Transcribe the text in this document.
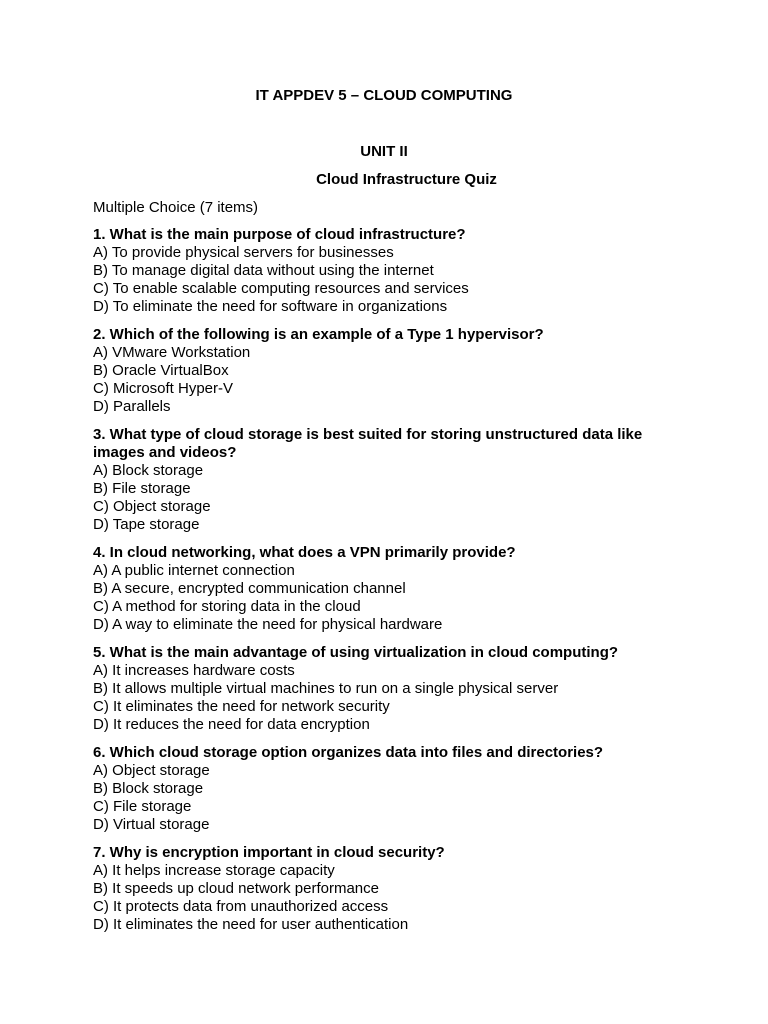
IT APPDEV 5 – CLOUD COMPUTING
UNIT II
Cloud Infrastructure Quiz
Multiple Choice (7 items)
1. What is the main purpose of cloud infrastructure?
A) To provide physical servers for businesses
B) To manage digital data without using the internet
C) To enable scalable computing resources and services
D) To eliminate the need for software in organizations
2. Which of the following is an example of a Type 1 hypervisor?
A) VMware Workstation
B) Oracle VirtualBox
C) Microsoft Hyper-V
D) Parallels
3. What type of cloud storage is best suited for storing unstructured data like images and videos?
A) Block storage
B) File storage
C) Object storage
D) Tape storage
4. In cloud networking, what does a VPN primarily provide?
A) A public internet connection
B) A secure, encrypted communication channel
C) A method for storing data in the cloud
D) A way to eliminate the need for physical hardware
5. What is the main advantage of using virtualization in cloud computing?
A) It increases hardware costs
B) It allows multiple virtual machines to run on a single physical server
C) It eliminates the need for network security
D) It reduces the need for data encryption
6. Which cloud storage option organizes data into files and directories?
A) Object storage
B) Block storage
C) File storage
D) Virtual storage
7. Why is encryption important in cloud security?
A) It helps increase storage capacity
B) It speeds up cloud network performance
C) It protects data from unauthorized access
D) It eliminates the need for user authentication
